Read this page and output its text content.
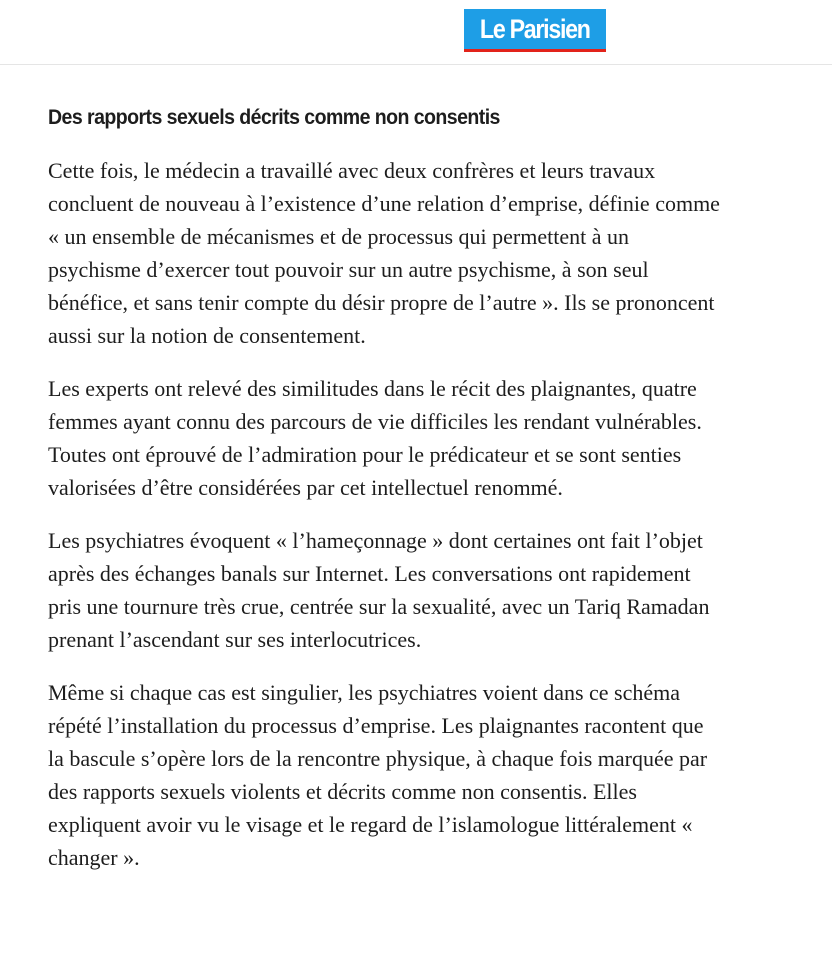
Le Parisien
Des rapports sexuels décrits comme non consentis

Cette fois, le médecin a travaillé avec deux confrères et leurs travaux concluent de nouveau à l’existence d’une relation d’emprise, définie comme « un ensemble de mécanismes et de processus qui permettent à un psychisme d’exercer tout pouvoir sur un autre psychisme, à son seul bénéfice, et sans tenir compte du désir propre de l’autre ». Ils se prononcent aussi sur la notion de consentement.

Les experts ont relevé des similitudes dans le récit des plaignantes, quatre femmes ayant connu des parcours de vie difficiles les rendant vulnérables. Toutes ont éprouvé de l’admiration pour le prédicateur et se sont senties valorisées d’être considérées par cet intellectuel renommé.

Les psychiatres évoquent « l’hameçonnage » dont certaines ont fait l’objet après des échanges banals sur Internet. Les conversations ont rapidement pris une tournure très crue, centrée sur la sexualité, avec un Tariq Ramadan prenant l’ascendant sur ses interlocutrices.

Même si chaque cas est singulier, les psychiatres voient dans ce schéma répété l’installation du processus d’emprise. Les plaignantes racontent que la bascule s’opère lors de la rencontre physique, à chaque fois marquée par des rapports sexuels violents et décrits comme non consentis. Elles expliquent avoir vu le visage et le regard de l’islamologue littéralement « changer ».
